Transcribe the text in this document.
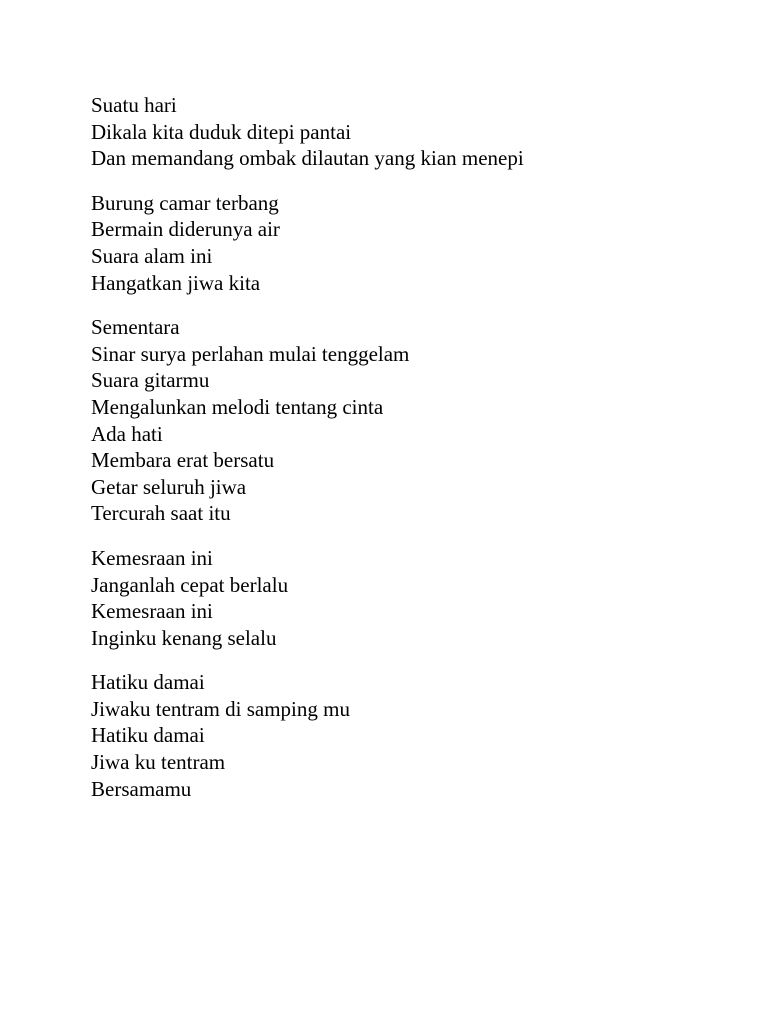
Suatu hari
Dikala kita duduk ditepi pantai
Dan memandang ombak dilautan yang kian menepi
Burung camar terbang
Bermain diderunya air
Suara alam ini
Hangatkan jiwa kita
Sementara
Sinar surya perlahan mulai tenggelam
Suara gitarmu
Mengalunkan melodi tentang cinta
Ada hati
Membara erat bersatu
Getar seluruh jiwa
Tercurah saat itu
Kemesraan ini
Janganlah cepat berlalu
Kemesraan ini
Inginku kenang selalu
Hatiku damai
Jiwaku tentram di samping mu
Hatiku damai
Jiwa ku tentram
Bersamamu
